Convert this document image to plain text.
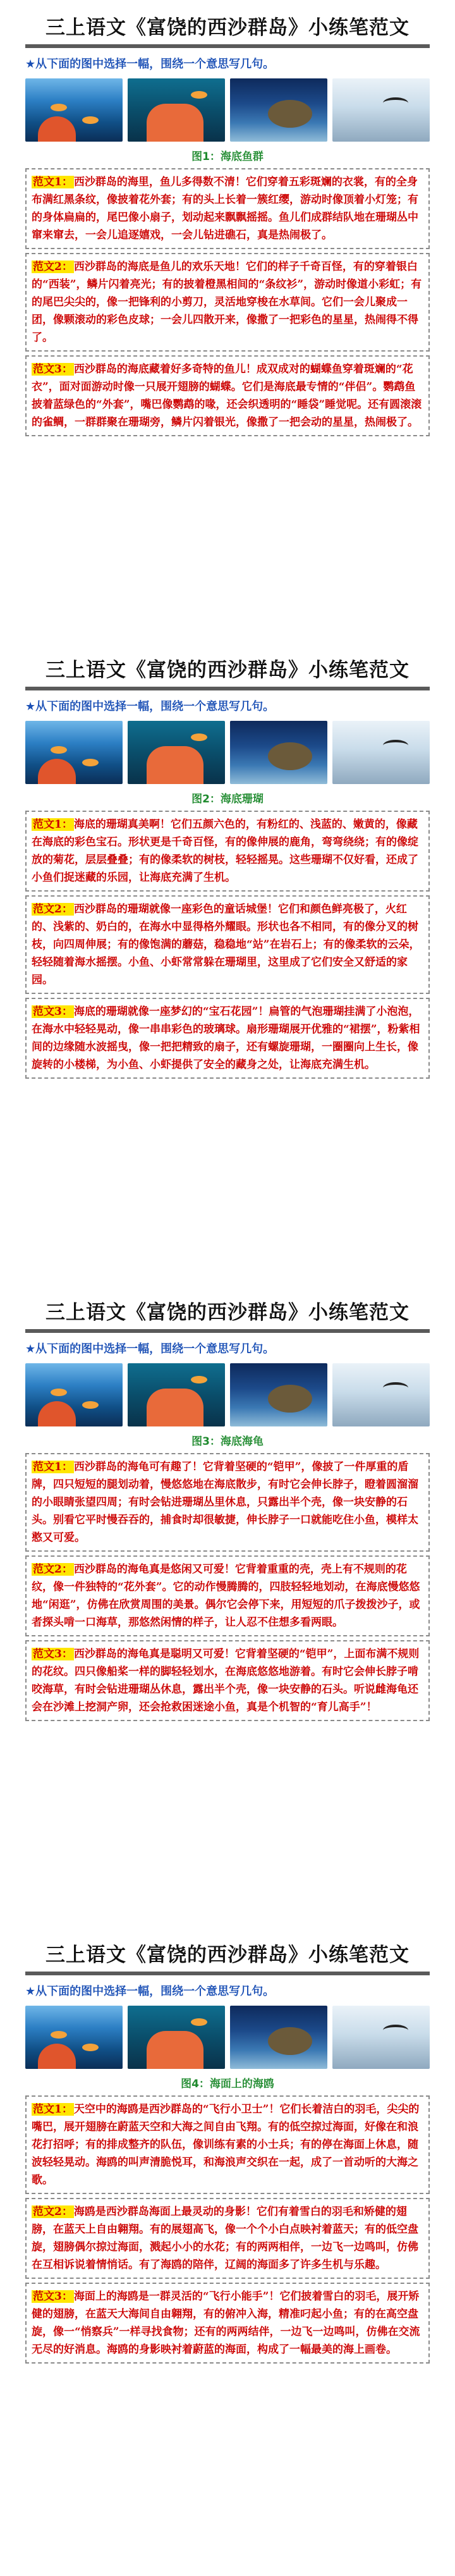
三上语文《富饶的西沙群岛》小练笔范文
★从下面的图中选择一幅，围绕一个意思写几句。
图1：海底鱼群
范文1： 西沙群岛的海里，鱼儿多得数不清！它们穿着五彩斑斓的衣裳，有的全身布满红黑条纹，像披着花外套；有的头上长着一簇红缨，游动时像顶着小灯笼；有的身体扁扁的，尾巴像小扇子，划动起来飘飘摇摇。鱼儿们成群结队地在珊瑚丛中窜来窜去，一会儿追逐嬉戏，一会儿钻进礁石，真是热闹极了。
范文2： 西沙群岛的海底是鱼儿的欢乐天地！它们的样子千奇百怪，有的穿着银白的“西装”，鳞片闪着亮光；有的披着橙黑相间的“条纹衫”，游动时像道小彩虹；有的尾巴尖尖的，像一把锋利的小剪刀，灵活地穿梭在水草间。它们一会儿聚成一团，像颗滚动的彩色皮球；一会儿四散开来，像撒了一把彩色的星星，热闹得不得了。
范文3： 西沙群岛的海底藏着好多奇特的鱼儿！成双成对的蝴蝶鱼穿着斑斓的“花衣”，面对面游动时像一只展开翅膀的蝴蝶。它们是海底最专情的“伴侣”。鹦鹉鱼披着蓝绿色的“外套”，嘴巴像鹦鹉的喙，还会织透明的“睡袋”睡觉呢。还有圆滚滚的雀鲷，一群群聚在珊瑚旁，鳞片闪着银光，像撒了一把会动的星星，热闹极了。
三上语文《富饶的西沙群岛》小练笔范文
★从下面的图中选择一幅，围绕一个意思写几句。
图2：海底珊瑚
范文1： 海底的珊瑚真美啊！它们五颜六色的，有粉红的、浅蓝的、嫩黄的，像藏在海底的彩色宝石。形状更是千奇百怪，有的像伸展的鹿角，弯弯绕绕；有的像绽放的菊花，层层叠叠；有的像柔软的树枝，轻轻摇晃。这些珊瑚不仅好看，还成了小鱼们捉迷藏的乐园，让海底充满了生机。
范文2： 西沙群岛的珊瑚就像一座彩色的童话城堡！它们和颜色鲜亮极了，火红的、浅紫的、奶白的，在海水中显得格外耀眼。形状也各不相同，有的像分叉的树枝，向四周伸展；有的像饱满的蘑菇，稳稳地“站”在岩石上；有的像柔软的云朵，轻轻随着海水摇摆。小鱼、小虾常常躲在珊瑚里，这里成了它们安全又舒适的家园。
范文3： 海底的珊瑚就像一座梦幻的“宝石花园”！扁管的气泡珊瑚挂满了小泡泡，在海水中轻轻晃动，像一串串彩色的玻璃球。扇形珊瑚展开优雅的“裙摆”，粉紫相间的边缘随水波摇曳，像一把把精致的扇子，还有螺旋珊瑚，一圈圈向上生长，像旋转的小楼梯，为小鱼、小虾提供了安全的藏身之处，让海底充满生机。
三上语文《富饶的西沙群岛》小练笔范文
★从下面的图中选择一幅，围绕一个意思写几句。
图3：海底海龟
范文1： 西沙群岛的海龟可有趣了！它背着坚硬的“铠甲”，像披了一件厚重的盾牌，四只短短的腿划动着，慢悠悠地在海底散步，有时它会伸长脖子，瞪着圆溜溜的小眼睛张望四周；有时会钻进珊瑚丛里休息，只露出半个壳，像一块安静的石头。别看它平时慢吞吞的，捕食时却很敏捷，伸长脖子一口就能吃住小鱼，模样太憨又可爱。
范文2： 西沙群岛的海龟真是悠闲又可爱！它背着重重的壳，壳上有不规则的花纹，像一件独特的“花外套”。它的动作慢腾腾的，四肢轻轻地划动，在海底慢悠悠地“闲逛”，仿佛在欣赏周围的美景。偶尔它会停下来，用短短的爪子拨拨沙子，或者探头啃一口海草，那悠然闲情的样子，让人忍不住想多看两眼。
范文3： 西沙群岛的海龟真是聪明又可爱！它背着坚硬的“铠甲”，上面布满不规则的花纹。四只像船桨一样的脚轻轻划水，在海底悠悠地游着。有时它会伸长脖子啃咬海草，有时会钻进珊瑚丛休息，露出半个壳，像一块安静的石头。听说雌海龟还会在沙滩上挖洞产卵，还会抢救困迷途小鱼，真是个机智的“育儿高手”！
三上语文《富饶的西沙群岛》小练笔范文
★从下面的图中选择一幅，围绕一个意思写几句。
图4：海面上的海鸥
范文1： 天空中的海鸥是西沙群岛的“飞行小卫士”！它们长着洁白的羽毛，尖尖的嘴巴，展开翅膀在蔚蓝天空和大海之间自由飞翔。有的低空掠过海面，好像在和浪花打招呼；有的排成整齐的队伍，像训练有素的小士兵；有的停在海面上休息，随波轻轻晃动。海鸥的叫声清脆悦耳，和海浪声交织在一起，成了一首动听的大海之歌。
范文2： 海鸥是西沙群岛海面上最灵动的身影！它们有着雪白的羽毛和矫健的翅膀，在蓝天上自由翱翔。有的展翅高飞，像一个个小白点映衬着蓝天；有的低空盘旋，翅膀偶尔掠过海面，溅起小小的水花；有的两两相伴，一边飞一边鸣叫，仿佛在互相诉说着情悄话。有了海鸥的陪伴，辽阔的海面多了许多生机与乐趣。
范文3： 海面上的海鸥是一群灵活的“飞行小能手”！它们披着雪白的羽毛，展开矫健的翅膀，在蓝天大海间自由翱翔，有的俯冲入海，精准叼起小鱼；有的在高空盘旋，像一“悄察兵”一样寻找食物；还有的两两结伴，一边飞一边鸣叫，仿佛在交流无尽的好消息。海鸥的身影映衬着蔚蓝的海面，构成了一幅最美的海上画卷。
